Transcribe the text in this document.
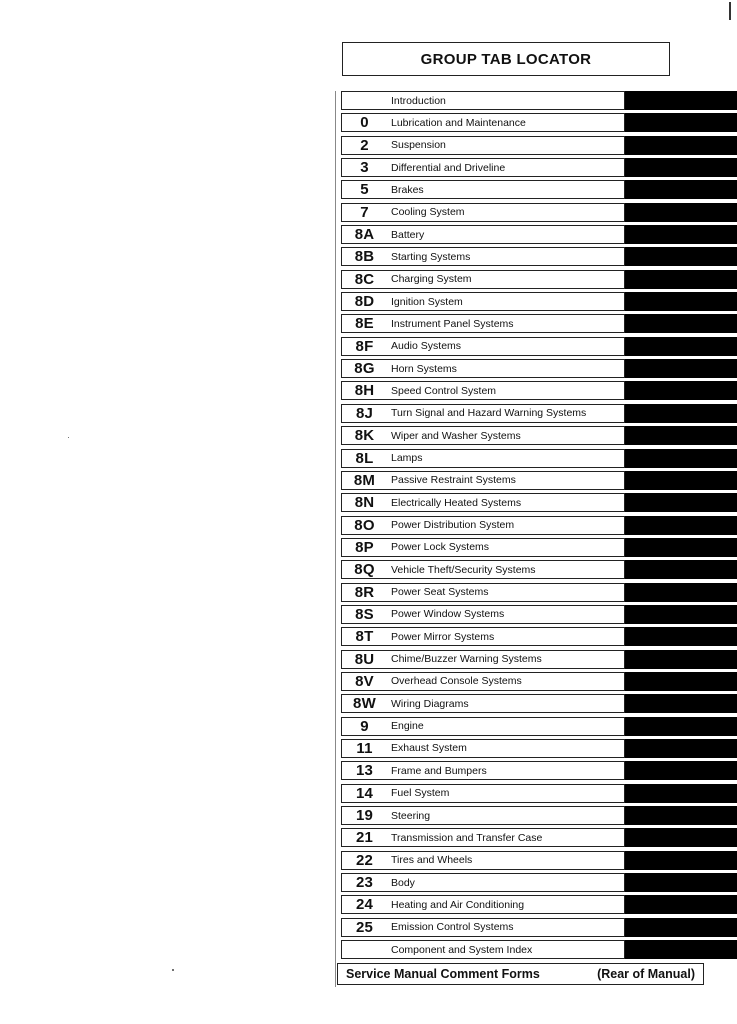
GROUP TAB LOCATOR
Introduction
0	Lubrication and Maintenance
2	Suspension
3	Differential and Driveline
5	Brakes
7	Cooling System
8A	Battery
8B	Starting Systems
8C	Charging System
8D	Ignition System
8E	Instrument Panel Systems
8F	Audio Systems
8G	Horn Systems
8H	Speed Control System
8J	Turn Signal and Hazard Warning Systems
8K	Wiper and Washer Systems
8L	Lamps
8M	Passive Restraint Systems
8N	Electrically Heated Systems
8O	Power Distribution System
8P	Power Lock Systems
8Q	Vehicle Theft/Security Systems
8R	Power Seat Systems
8S	Power Window Systems
8T	Power Mirror Systems
8U	Chime/Buzzer Warning Systems
8V	Overhead Console Systems
8W	Wiring Diagrams
9	Engine
11	Exhaust System
13	Frame and Bumpers
14	Fuel System
19	Steering
21	Transmission and Transfer Case
22	Tires and Wheels
23	Body
24	Heating and Air Conditioning
25	Emission Control Systems
Component and System Index
Service Manual Comment Forms	(Rear of Manual)
